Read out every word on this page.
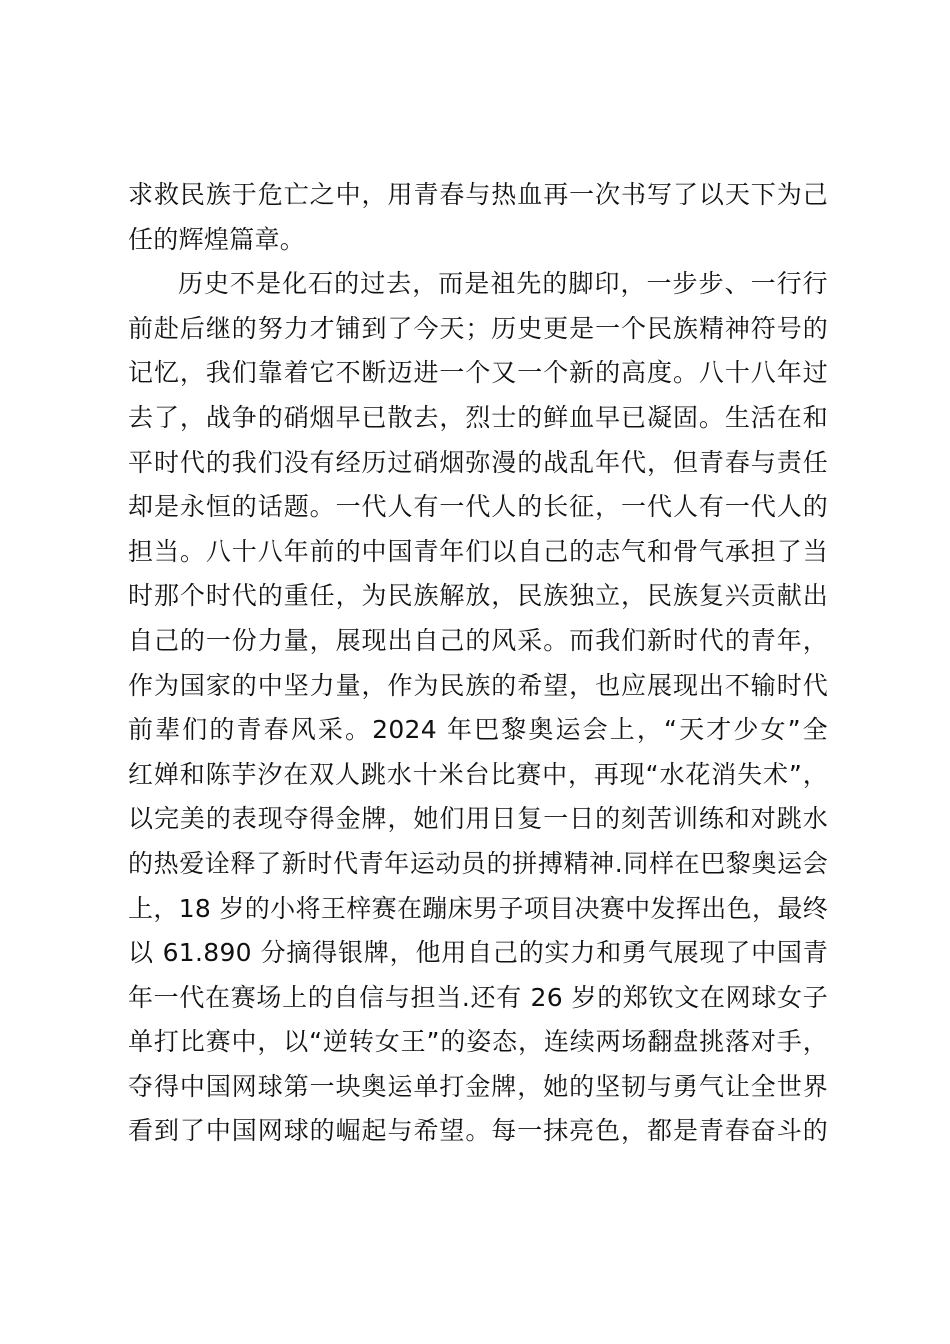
求救民族于危亡之中，用青春与热血再一次书写了以天下为己
任的辉煌篇章。
历史不是化石的过去，而是祖先的脚印，一步步、一行行
前赴后继的努力才铺到了今天；历史更是一个民族精神符号的
记忆，我们靠着它不断迈进一个又一个新的高度。八十八年过
去了，战争的硝烟早已散去，烈士的鲜血早已凝固。生活在和
平时代的我们没有经历过硝烟弥漫的战乱年代，但青春与责任
却是永恒的话题。一代人有一代人的长征，一代人有一代人的
担当。八十八年前的中国青年们以自己的志气和骨气承担了当
时那个时代的重任，为民族解放，民族独立，民族复兴贡献出
自己的一份力量，展现出自己的风采。而我们新时代的青年，
作为国家的中坚力量，作为民族的希望，也应展现出不输时代
前辈们的青春风采。2024 年巴黎奥运会上，“天才少女”全
红婵和陈芋汐在双人跳水十米台比赛中，再现“水花消失术”，
以完美的表现夺得金牌，她们用日复一日的刻苦训练和对跳水
的热爱诠释了新时代青年运动员的拼搏精神.同样在巴黎奥运会
上，18 岁的小将王梓赛在蹦床男子项目决赛中发挥出色，最终
以 61.890 分摘得银牌，他用自己的实力和勇气展现了中国青
年一代在赛场上的自信与担当.还有 26 岁的郑钦文在网球女子
单打比赛中，以“逆转女王”的姿态，连续两场翻盘挑落对手，
夺得中国网球第一块奥运单打金牌，她的坚韧与勇气让全世界
看到了中国网球的崛起与希望。每一抹亮色，都是青春奋斗的
